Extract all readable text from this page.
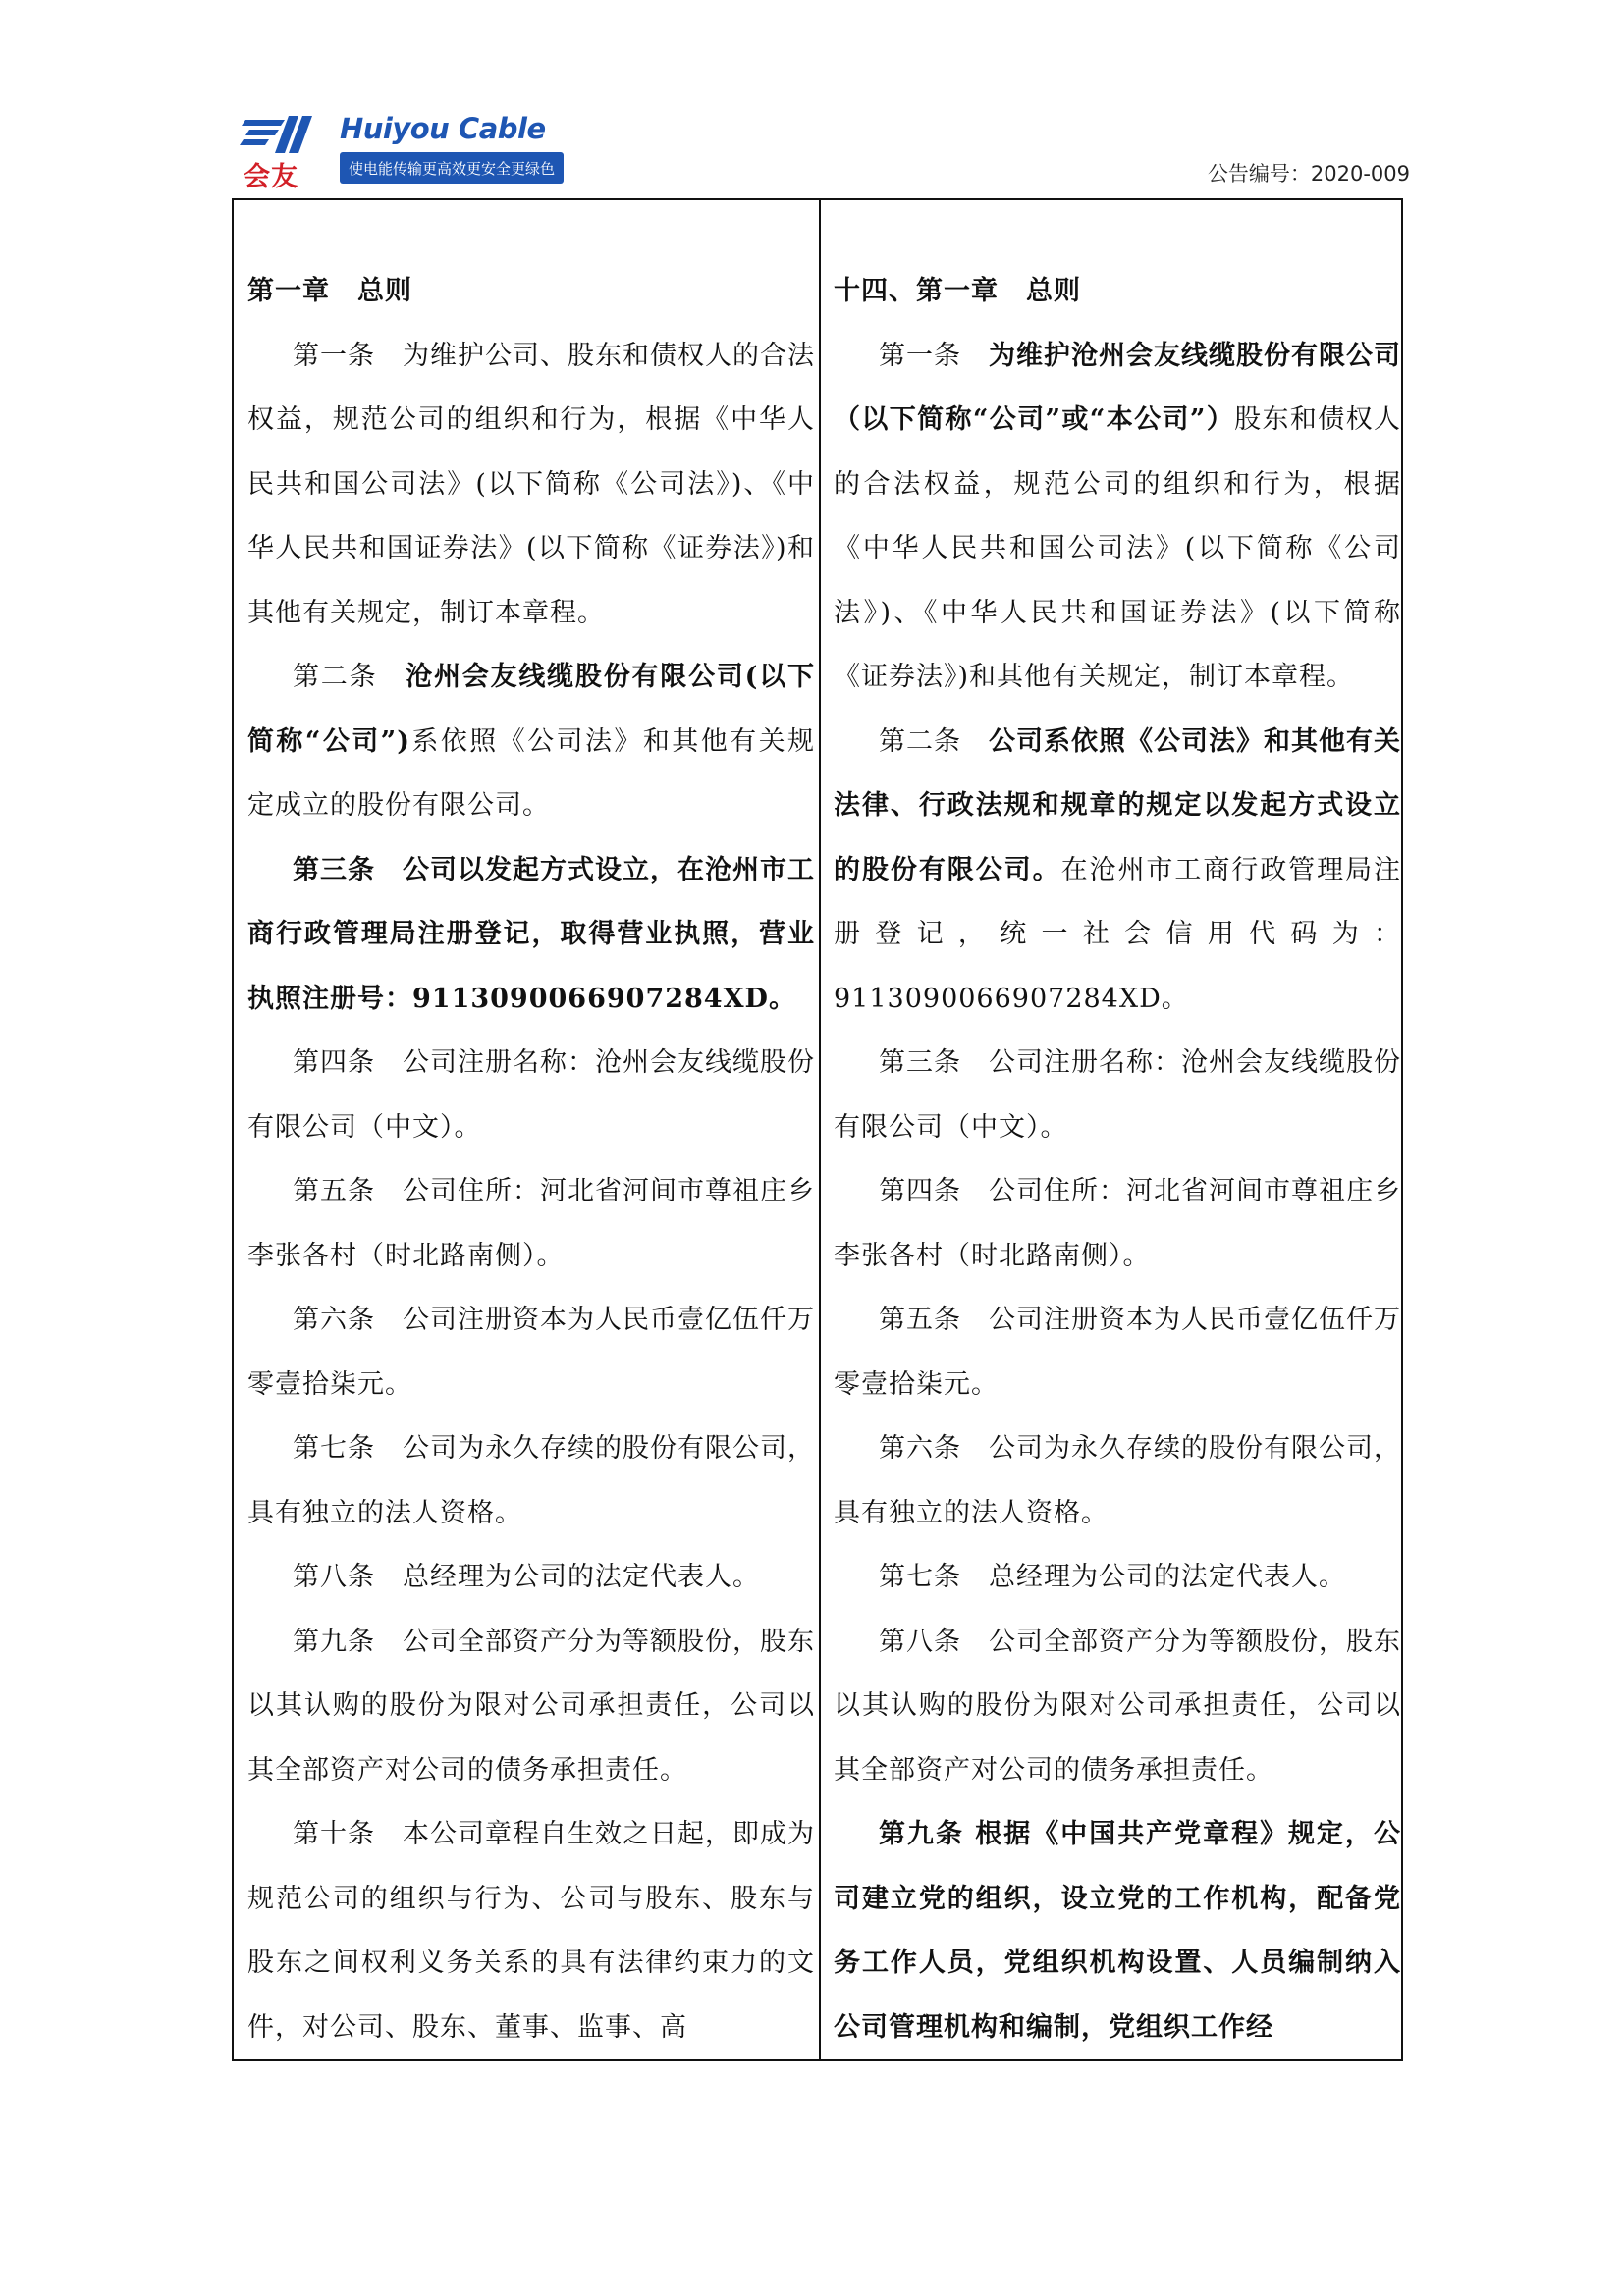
会友
Huiyou Cable
使电能传输更高效更安全更绿色	公告编号：2020-009

第一章　总则

第一条　为维护公司、股东和债权人的合法权益，规范公司的组织和行为，根据《中华人民共和国公司法》(以下简称《公司法》)、《中华人民共和国证券法》(以下简称《证券法》)和其他有关规定，制订本章程。

第二条　沧州会友线缆股份有限公司(以下简称“公司”)系依照《公司法》和其他有关规定成立的股份有限公司。

第三条　公司以发起方式设立，在沧州市工商行政管理局注册登记，取得营业执照，营业执照注册号：9113090066907284XD。

第四条　公司注册名称：沧州会友线缆股份有限公司（中文）。

第五条　公司住所：河北省河间市尊祖庄乡李张各村（时北路南侧）。

第六条　公司注册资本为人民币壹亿伍仟万零壹拾柒元。

第七条　公司为永久存续的股份有限公司，具有独立的法人资格。

第八条　总经理为公司的法定代表人。

第九条　公司全部资产分为等额股份，股东以其认购的股份为限对公司承担责任，公司以其全部资产对公司的债务承担责任。

第十条　本公司章程自生效之日起，即成为规范公司的组织与行为、公司与股东、股东与股东之间权利义务关系的具有法律约束力的文件，对公司、股东、董事、监事、高

十四、第一章　总则

第一条　为维护沧州会友线缆股份有限公司（以下简称“公司”或“本公司”）股东和债权人的合法权益，规范公司的组织和行为，根据《中华人民共和国公司法》(以下简称《公司法》)、《中华人民共和国证券法》(以下简称《证券法》)和其他有关规定，制订本章程。

第二条　公司系依照《公司法》和其他有关法律、行政法规和规章的规定以发起方式设立的股份有限公司。在沧州市工商行政管理局注册登记，统一社会信用代码为：9113090066907284XD。

第三条　公司注册名称：沧州会友线缆股份有限公司（中文）。

第四条　公司住所：河北省河间市尊祖庄乡李张各村（时北路南侧）。

第五条　公司注册资本为人民币壹亿伍仟万零壹拾柒元。

第六条　公司为永久存续的股份有限公司，具有独立的法人资格。

第七条　总经理为公司的法定代表人。

第八条　公司全部资产分为等额股份，股东以其认购的股份为限对公司承担责任，公司以其全部资产对公司的债务承担责任。

第九条 根据《中国共产党章程》规定，公司建立党的组织，设立党的工作机构，配备党务工作人员，党组织机构设置、人员编制纳入公司管理机构和编制，党组织工作经
